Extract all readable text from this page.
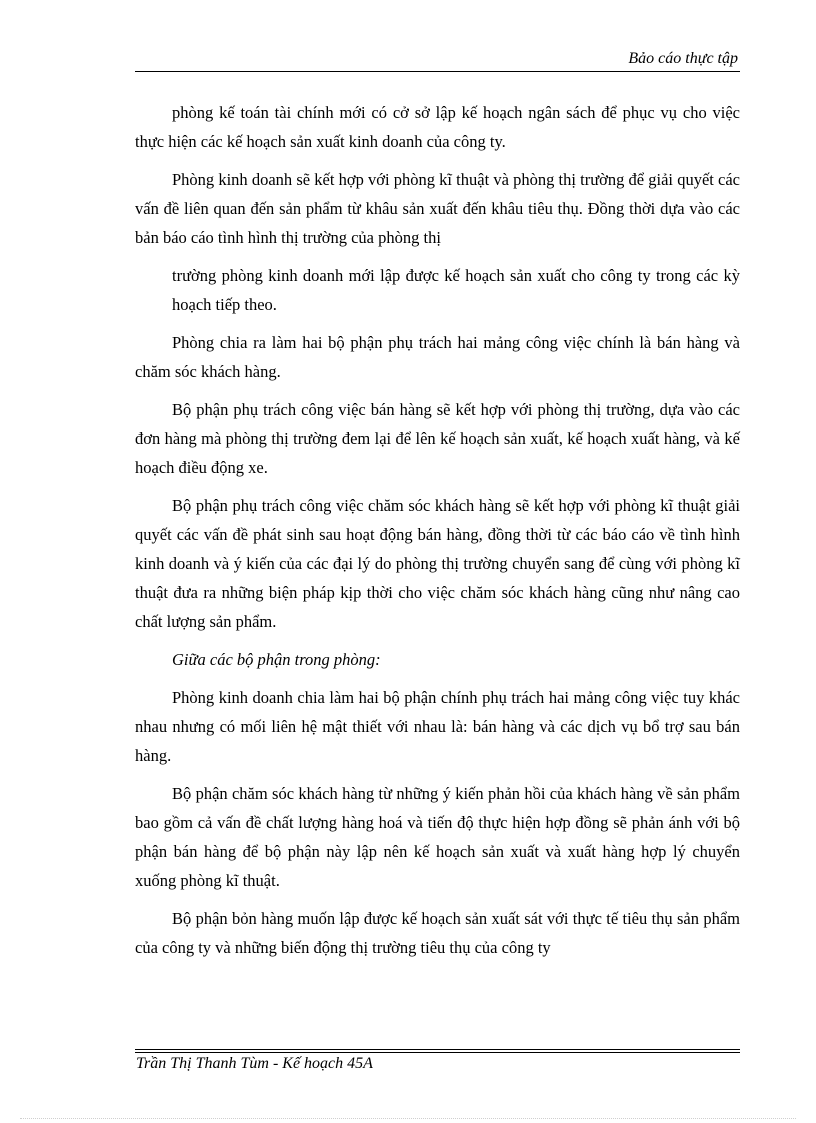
Bảo cáo thực tập

phòng kế toán tài chính mới có cở sở lập kế hoạch ngân sách để phục vụ cho việc thực hiện các kế hoạch sản xuất kinh doanh của công ty.

Phòng kinh doanh sẽ kết hợp với phòng kĩ thuật và phòng thị trường để giải quyết các vấn đề liên quan đến sản phẩm từ khâu sản xuất đến khâu tiêu thụ. Đồng thời dựa vào các bản báo cáo tình hình thị trường của phòng thị

trường phòng kinh doanh mới lập được kế hoạch sản xuất cho công ty trong các kỳ hoạch tiếp theo.

Phòng chia ra làm hai bộ phận phụ trách hai mảng công việc chính là bán hàng và chăm sóc khách hàng.

Bộ phận phụ trách công việc bán hàng sẽ kết hợp với phòng thị trường, dựa vào các đơn hàng mà phòng thị trường đem lại để lên kế hoạch sản xuất, kế hoạch xuất hàng, và kế hoạch điều động xe.

Bộ phận phụ trách công việc chăm sóc khách hàng sẽ kết hợp với phòng kĩ thuật giải quyết các vấn đề phát sinh sau hoạt động bán hàng, đồng thời từ các báo cáo về tình hình kinh doanh và ý kiến của các đại lý do phòng thị trường chuyển sang để cùng với phòng kĩ thuật đưa ra những biện pháp kịp thời cho việc chăm sóc khách hàng cũng như nâng cao chất lượng sản phẩm.

Giữa các bộ phận trong phòng:

Phòng kinh doanh chia làm hai bộ phận chính phụ trách hai mảng công việc tuy khác nhau nhưng có mối liên hệ mật thiết với nhau là: bán hàng và các dịch vụ bổ trợ sau bán hàng.

Bộ phận chăm sóc khách hàng từ những ý kiến phản hồi của khách hàng về sản phẩm bao gồm cả vấn đề chất lượng hàng hoá và tiến độ thực hiện hợp đồng sẽ phản ánh với bộ phận bán hàng để bộ phận này lập nên kế hoạch sản xuất và xuất hàng hợp lý chuyển xuống phòng kĩ thuật.

Bộ phận bỏn hàng muốn lập được kế hoạch sản xuất sát với thực tế tiêu thụ sản phẩm của công ty và những biến động thị trường tiêu thụ của công ty

Trần Thị Thanh Tùm - Kế hoạch 45A
